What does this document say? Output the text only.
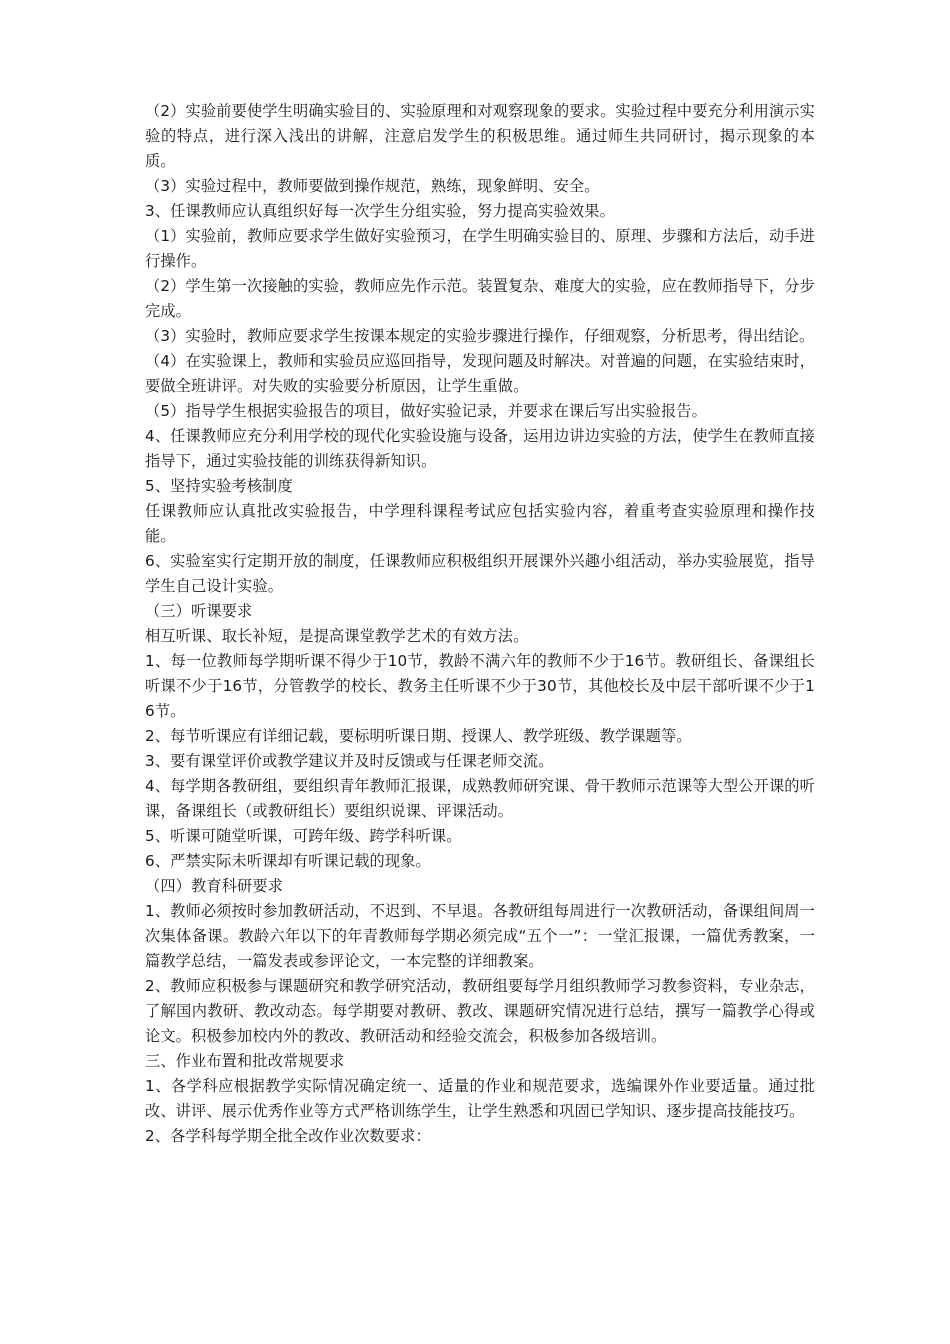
（2）实验前要使学生明确实验目的、实验原理和对观察现象的要求。实验过程中要充分利用演示实验的特点，进行深入浅出的讲解，注意启发学生的积极思维。通过师生共同研讨，揭示现象的本质。

（3）实验过程中，教师要做到操作规范，熟练，现象鲜明、安全。

3、任课教师应认真组织好每一次学生分组实验，努力提高实验效果。

（1）实验前，教师应要求学生做好实验预习，在学生明确实验目的、原理、步骤和方法后，动手进行操作。

（2）学生第一次接触的实验，教师应先作示范。装置复杂、难度大的实验，应在教师指导下，分步完成。

（3）实验时，教师应要求学生按课本规定的实验步骤进行操作，仔细观察，分析思考，得出结论。

（4）在实验课上，教师和实验员应巡回指导，发现问题及时解决。对普遍的问题，在实验结束时，要做全班讲评。对失败的实验要分析原因，让学生重做。

（5）指导学生根据实验报告的项目，做好实验记录，并要求在课后写出实验报告。

4、任课教师应充分利用学校的现代化实验设施与设备，运用边讲边实验的方法，使学生在教师直接指导下，通过实验技能的训练获得新知识。

5、坚持实验考核制度

任课教师应认真批改实验报告，中学理科课程考试应包括实验内容，着重考查实验原理和操作技能。

6、实验室实行定期开放的制度，任课教师应积极组织开展课外兴趣小组活动，举办实验展览，指导学生自己设计实验。

（三）听课要求

相互听课、取长补短，是提高课堂教学艺术的有效方法。

1、每一位教师每学期听课不得少于10节，教龄不满六年的教师不少于16节。教研组长、备课组长听课不少于16节，分管教学的校长、教务主任听课不少于30节，其他校长及中层干部听课不少于16节。

2、每节听课应有详细记载，要标明听课日期、授课人、教学班级、教学课题等。

3、要有课堂评价或教学建议并及时反馈或与任课老师交流。

4、每学期各教研组，要组织青年教师汇报课，成熟教师研究课、骨干教师示范课等大型公开课的听课，备课组长（或教研组长）要组织说课、评课活动。

5、听课可随堂听课，可跨年级、跨学科听课。

6、严禁实际未听课却有听课记载的现象。

（四）教育科研要求

1、教师必须按时参加教研活动，不迟到、不早退。各教研组每周进行一次教研活动，备课组间周一次集体备课。教龄六年以下的年青教师每学期必须完成“五个一”：一堂汇报课，一篇优秀教案，一篇教学总结，一篇发表或参评论文，一本完整的详细教案。

2、教师应积极参与课题研究和教学研究活动，教研组要每学月组织教师学习教参资料，专业杂志，了解国内教研、教改动态。每学期要对教研、教改、课题研究情况进行总结，撰写一篇教学心得或论文。积极参加校内外的教改、教研活动和经验交流会，积极参加各级培训。

三、作业布置和批改常规要求

1、各学科应根据教学实际情况确定统一、适量的作业和规范要求，选编课外作业要适量。通过批改、讲评、展示优秀作业等方式严格训练学生，让学生熟悉和巩固已学知识、逐步提高技能技巧。

2、各学科每学期全批全改作业次数要求：
